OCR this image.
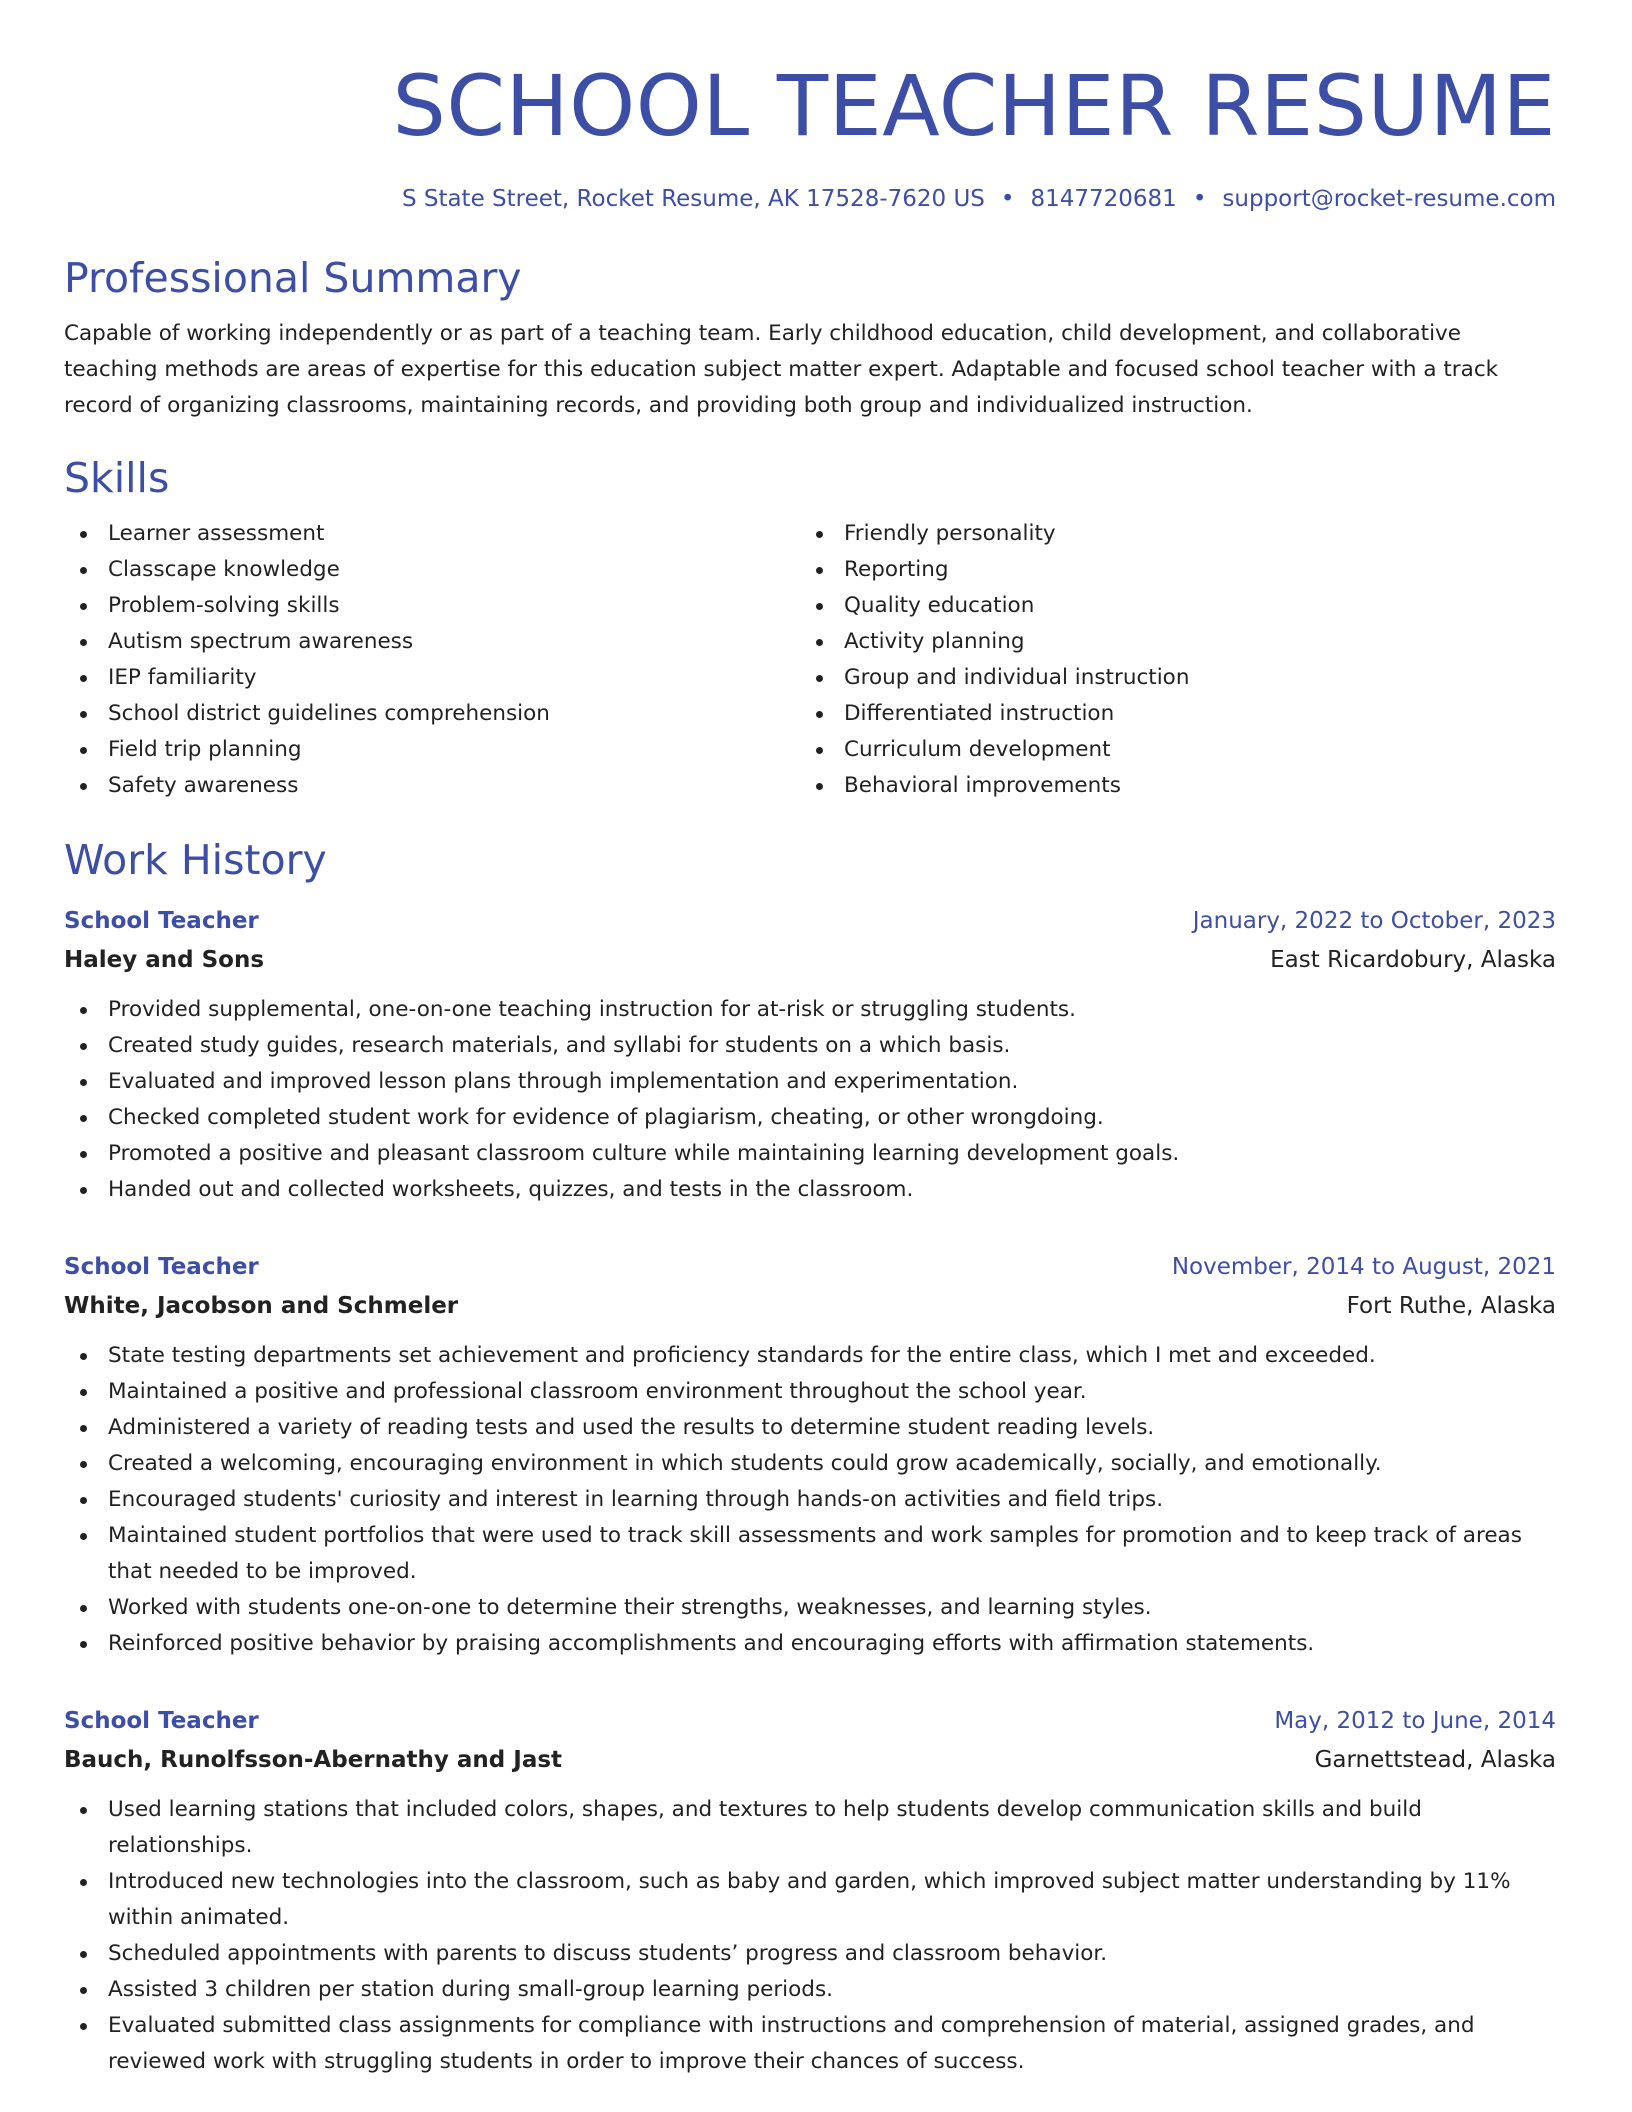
SCHOOL TEACHER RESUME
S State Street, Rocket Resume, AK 17528-7620 US • 8147720681 • support@rocket-resume.com
Professional Summary

Capable of working independently or as part of a teaching team. Early childhood education, child development, and collaborative teaching methods are areas of expertise for this education subject matter expert. Adaptable and focused school teacher with a track record of organizing classrooms, maintaining records, and providing both group and individualized instruction.

Skills
Learner assessment
Classcape knowledge
Problem-solving skills
Autism spectrum awareness
IEP familiarity
School district guidelines comprehension
Field trip planning
Safety awareness
Friendly personality
Reporting
Quality education
Activity planning
Group and individual instruction
Differentiated instruction
Curriculum development
Behavioral improvements
Work History
School Teacher	January, 2022 to October, 2023
Haley and Sons	East Ricardobury, Alaska
Provided supplemental, one-on-one teaching instruction for at-risk or struggling students.
Created study guides, research materials, and syllabi for students on a which basis.
Evaluated and improved lesson plans through implementation and experimentation.
Checked completed student work for evidence of plagiarism, cheating, or other wrongdoing.
Promoted a positive and pleasant classroom culture while maintaining learning development goals.
Handed out and collected worksheets, quizzes, and tests in the classroom.
School Teacher	November, 2014 to August, 2021
White, Jacobson and Schmeler	Fort Ruthe, Alaska
State testing departments set achievement and proficiency standards for the entire class, which I met and exceeded.
Maintained a positive and professional classroom environment throughout the school year.
Administered a variety of reading tests and used the results to determine student reading levels.
Created a welcoming, encouraging environment in which students could grow academically, socially, and emotionally.
Encouraged students' curiosity and interest in learning through hands-on activities and field trips.
Maintained student portfolios that were used to track skill assessments and work samples for promotion and to keep track of areas that needed to be improved.
Worked with students one-on-one to determine their strengths, weaknesses, and learning styles.
Reinforced positive behavior by praising accomplishments and encouraging efforts with affirmation statements.
School Teacher	May, 2012 to June, 2014
Bauch, Runolfsson-Abernathy and Jast	Garnettstead, Alaska
Used learning stations that included colors, shapes, and textures to help students develop communication skills and build relationships.
Introduced new technologies into the classroom, such as baby and garden, which improved subject matter understanding by 11% within animated.
Scheduled appointments with parents to discuss students’ progress and classroom behavior.
Assisted 3 children per station during small-group learning periods.
Evaluated submitted class assignments for compliance with instructions and comprehension of material, assigned grades, and reviewed work with struggling students in order to improve their chances of success.
